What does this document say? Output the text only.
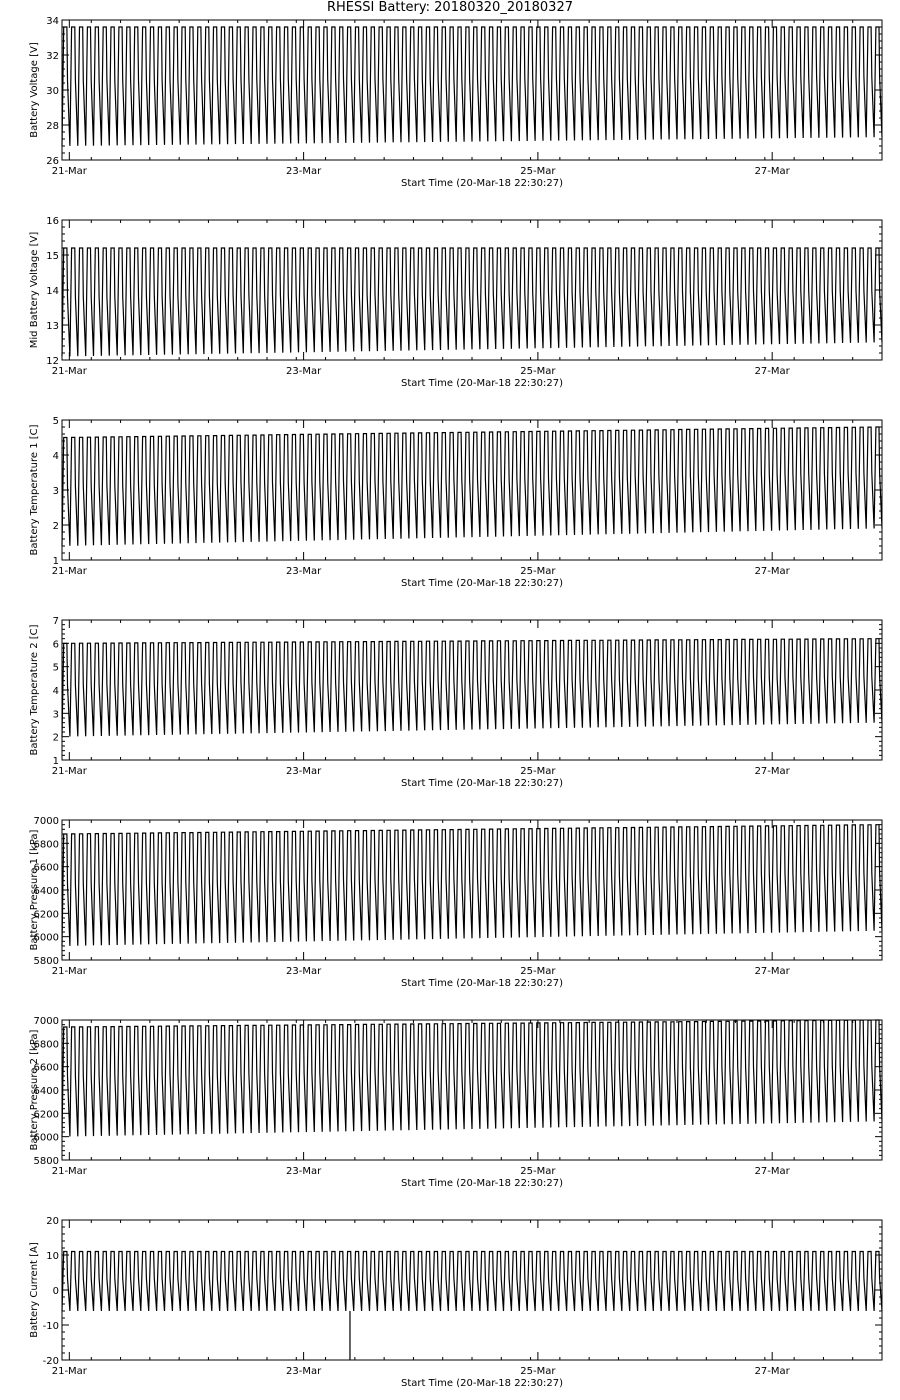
RHESSI Battery: 20180320_20180327
26
28
30
32
34
21-Mar	23-Mar	25-Mar	27-Mar
Start Time (20-Mar-18 22:30:27)
Battery Voltage [V]
12
13
14
15
16
21-Mar	23-Mar	25-Mar	27-Mar
Start Time (20-Mar-18 22:30:27)
Mid Battery Voltage [V]
1
2
3
4
5
21-Mar	23-Mar	25-Mar	27-Mar
Start Time (20-Mar-18 22:30:27)
Battery Temperature 1 [C]
1
2
3
4
5
6
7
21-Mar	23-Mar	25-Mar	27-Mar
Start Time (20-Mar-18 22:30:27)
Battery Temperature 2 [C]
5800
6000
6200
6400
6600
6800
7000
21-Mar	23-Mar	25-Mar	27-Mar
Start Time (20-Mar-18 22:30:27)
Battery Pressure 1 [kPa]
5800
6000
6200
6400
6600
6800
7000
21-Mar	23-Mar	25-Mar	27-Mar
Start Time (20-Mar-18 22:30:27)
Battery Pressure 2 [kPa]
-20
-10
0
10
20
21-Mar	23-Mar	25-Mar	27-Mar
Start Time (20-Mar-18 22:30:27)
Battery Current [A]
